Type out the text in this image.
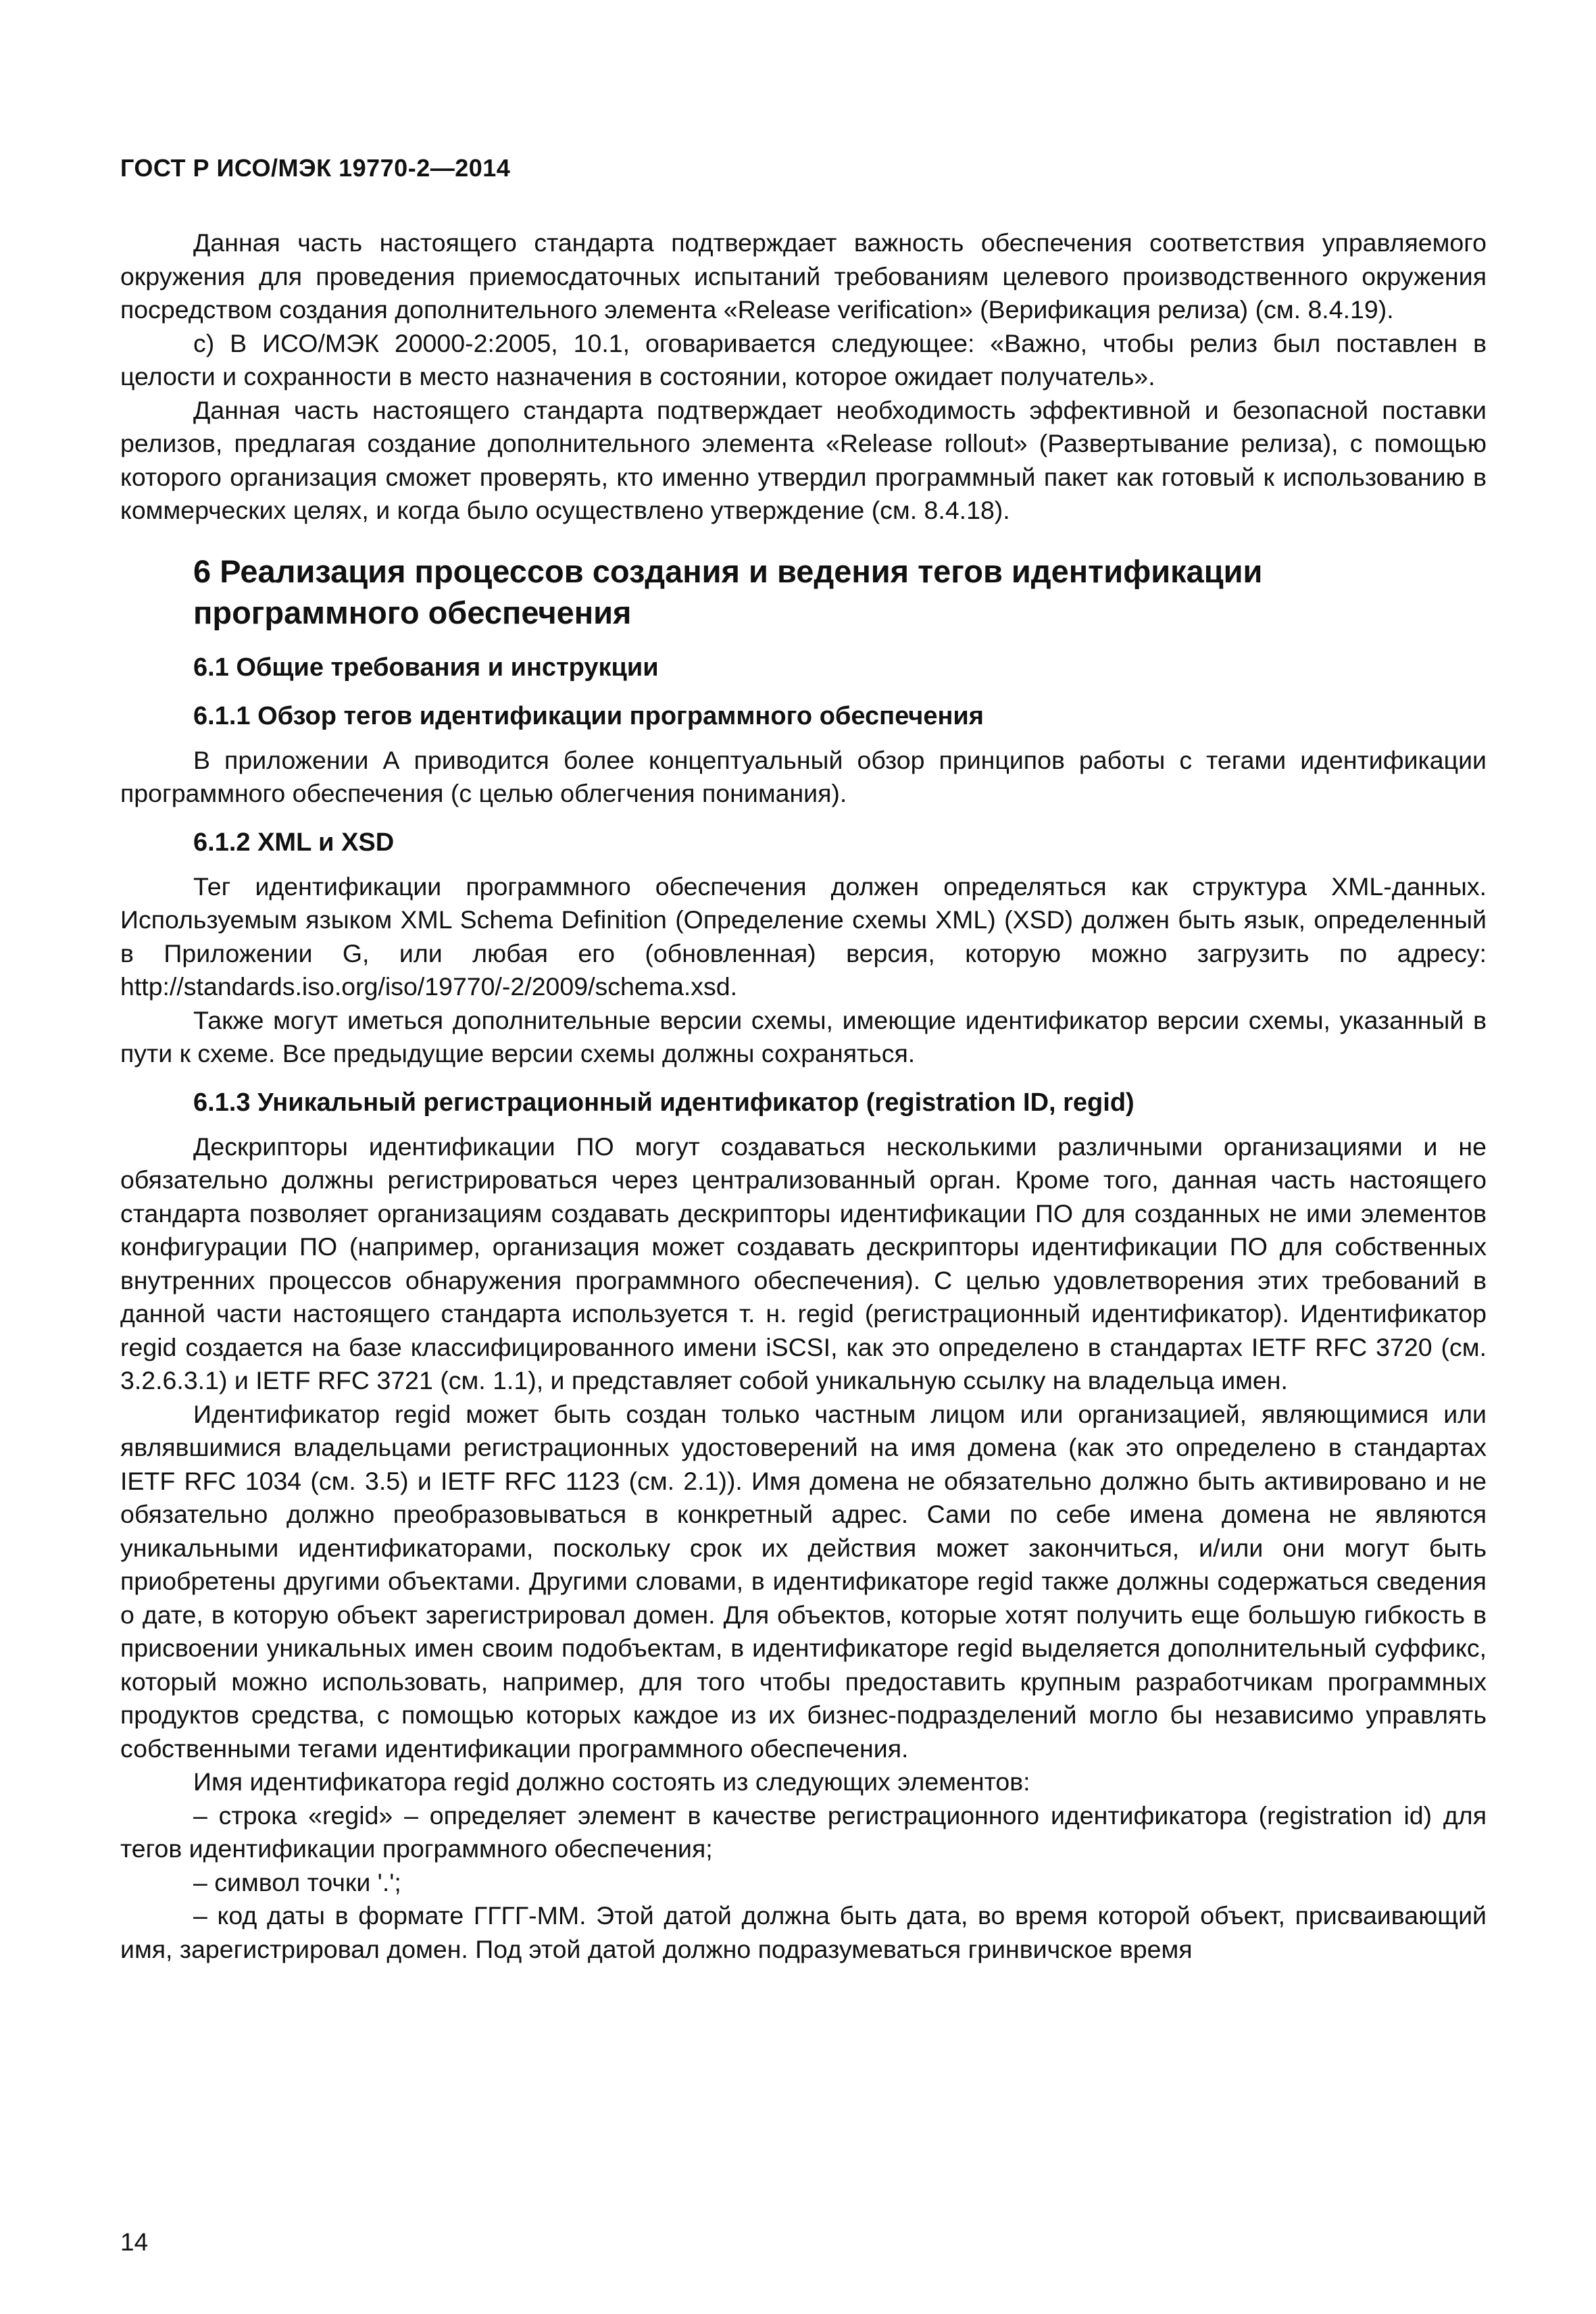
ГОСТ Р ИСО/МЭК 19770-2—2014

Данная часть настоящего стандарта подтверждает важность обеспечения соответствия управляемого окружения для проведения приемосдаточных испытаний требованиям целевого производственного окружения посредством создания дополнительного элемента «Release verification» (Верификация релиза) (см. 8.4.19).

с) В ИСО/МЭК 20000-2:2005, 10.1, оговаривается следующее: «Важно, чтобы релиз был поставлен в целости и сохранности в место назначения в состоянии, которое ожидает получатель».

Данная часть настоящего стандарта подтверждает необходимость эффективной и безопасной поставки релизов, предлагая создание дополнительного элемента «Release rollout» (Развертывание релиза), с помощью которого организация сможет проверять, кто именно утвердил программный пакет как готовый к использованию в коммерческих целях, и когда было осуществлено утверждение (см. 8.4.18).

6 Реализация процессов создания и ведения тегов идентификации программного обеспечения
6.1 Общие требования и инструкции
6.1.1 Обзор тегов идентификации программного обеспечения

В приложении А приводится более концептуальный обзор принципов работы с тегами идентификации программного обеспечения (с целью облегчения понимания).

6.1.2 XML и XSD

Тег идентификации программного обеспечения должен определяться как структура XML-данных. Используемым языком XML Schema Definition (Определение схемы XML) (XSD) должен быть язык, определенный в Приложении G, или любая его (обновленная) версия, которую можно загрузить по адресу: http://standards.iso.org/iso/19770/-2/2009/schema.xsd.

Также могут иметься дополнительные версии схемы, имеющие идентификатор версии схемы, указанный в пути к схеме. Все предыдущие версии схемы должны сохраняться.

6.1.3 Уникальный регистрационный идентификатор (registration ID, regid)

Дескрипторы идентификации ПО могут создаваться несколькими различными организациями и не обязательно должны регистрироваться через централизованный орган. Кроме того, данная часть настоящего стандарта позволяет организациям создавать дескрипторы идентификации ПО для созданных не ими элементов конфигурации ПО (например, организация может создавать дескрипторы идентификации ПО для собственных внутренних процессов обнаружения программного обеспечения). С целью удовлетворения этих требований в данной части настоящего стандарта используется т. н. regid (регистрационный идентификатор). Идентификатор regid создается на базе классифицированного имени iSCSI, как это определено в стандартах IETF RFC 3720 (см. 3.2.6.3.1) и IETF RFC 3721 (см. 1.1), и представляет собой уникальную ссылку на владельца имен.

Идентификатор regid может быть создан только частным лицом или организацией, являющимися или являвшимися владельцами регистрационных удостоверений на имя домена (как это определено в стандартах IETF RFC 1034 (см. 3.5) и IETF RFC 1123 (см. 2.1)). Имя домена не обязательно должно быть активировано и не обязательно должно преобразовываться в конкретный адрес. Сами по себе имена домена не являются уникальными идентификаторами, поскольку срок их действия может закончиться, и/или они могут быть приобретены другими объектами. Другими словами, в идентификаторе regid также должны содержаться сведения о дате, в которую объект зарегистрировал домен. Для объектов, которые хотят получить еще большую гибкость в присвоении уникальных имен своим подобъектам, в идентификаторе regid выделяется дополнительный суффикс, который можно использовать, например, для того чтобы предоставить крупным разработчикам программных продуктов средства, с помощью которых каждое из их бизнес-подразделений могло бы независимо управлять собственными тегами идентификации программного обеспечения.

Имя идентификатора regid должно состоять из следующих элементов:

– строка «regid» – определяет элемент в качестве регистрационного идентификатора (registration id) для тегов идентификации программного обеспечения;

– символ точки '.';

– код даты в формате ГГГГ-ММ. Этой датой должна быть дата, во время которой объект, присваивающий имя, зарегистрировал домен. Под этой датой должно подразумеваться гринвичское время

14
